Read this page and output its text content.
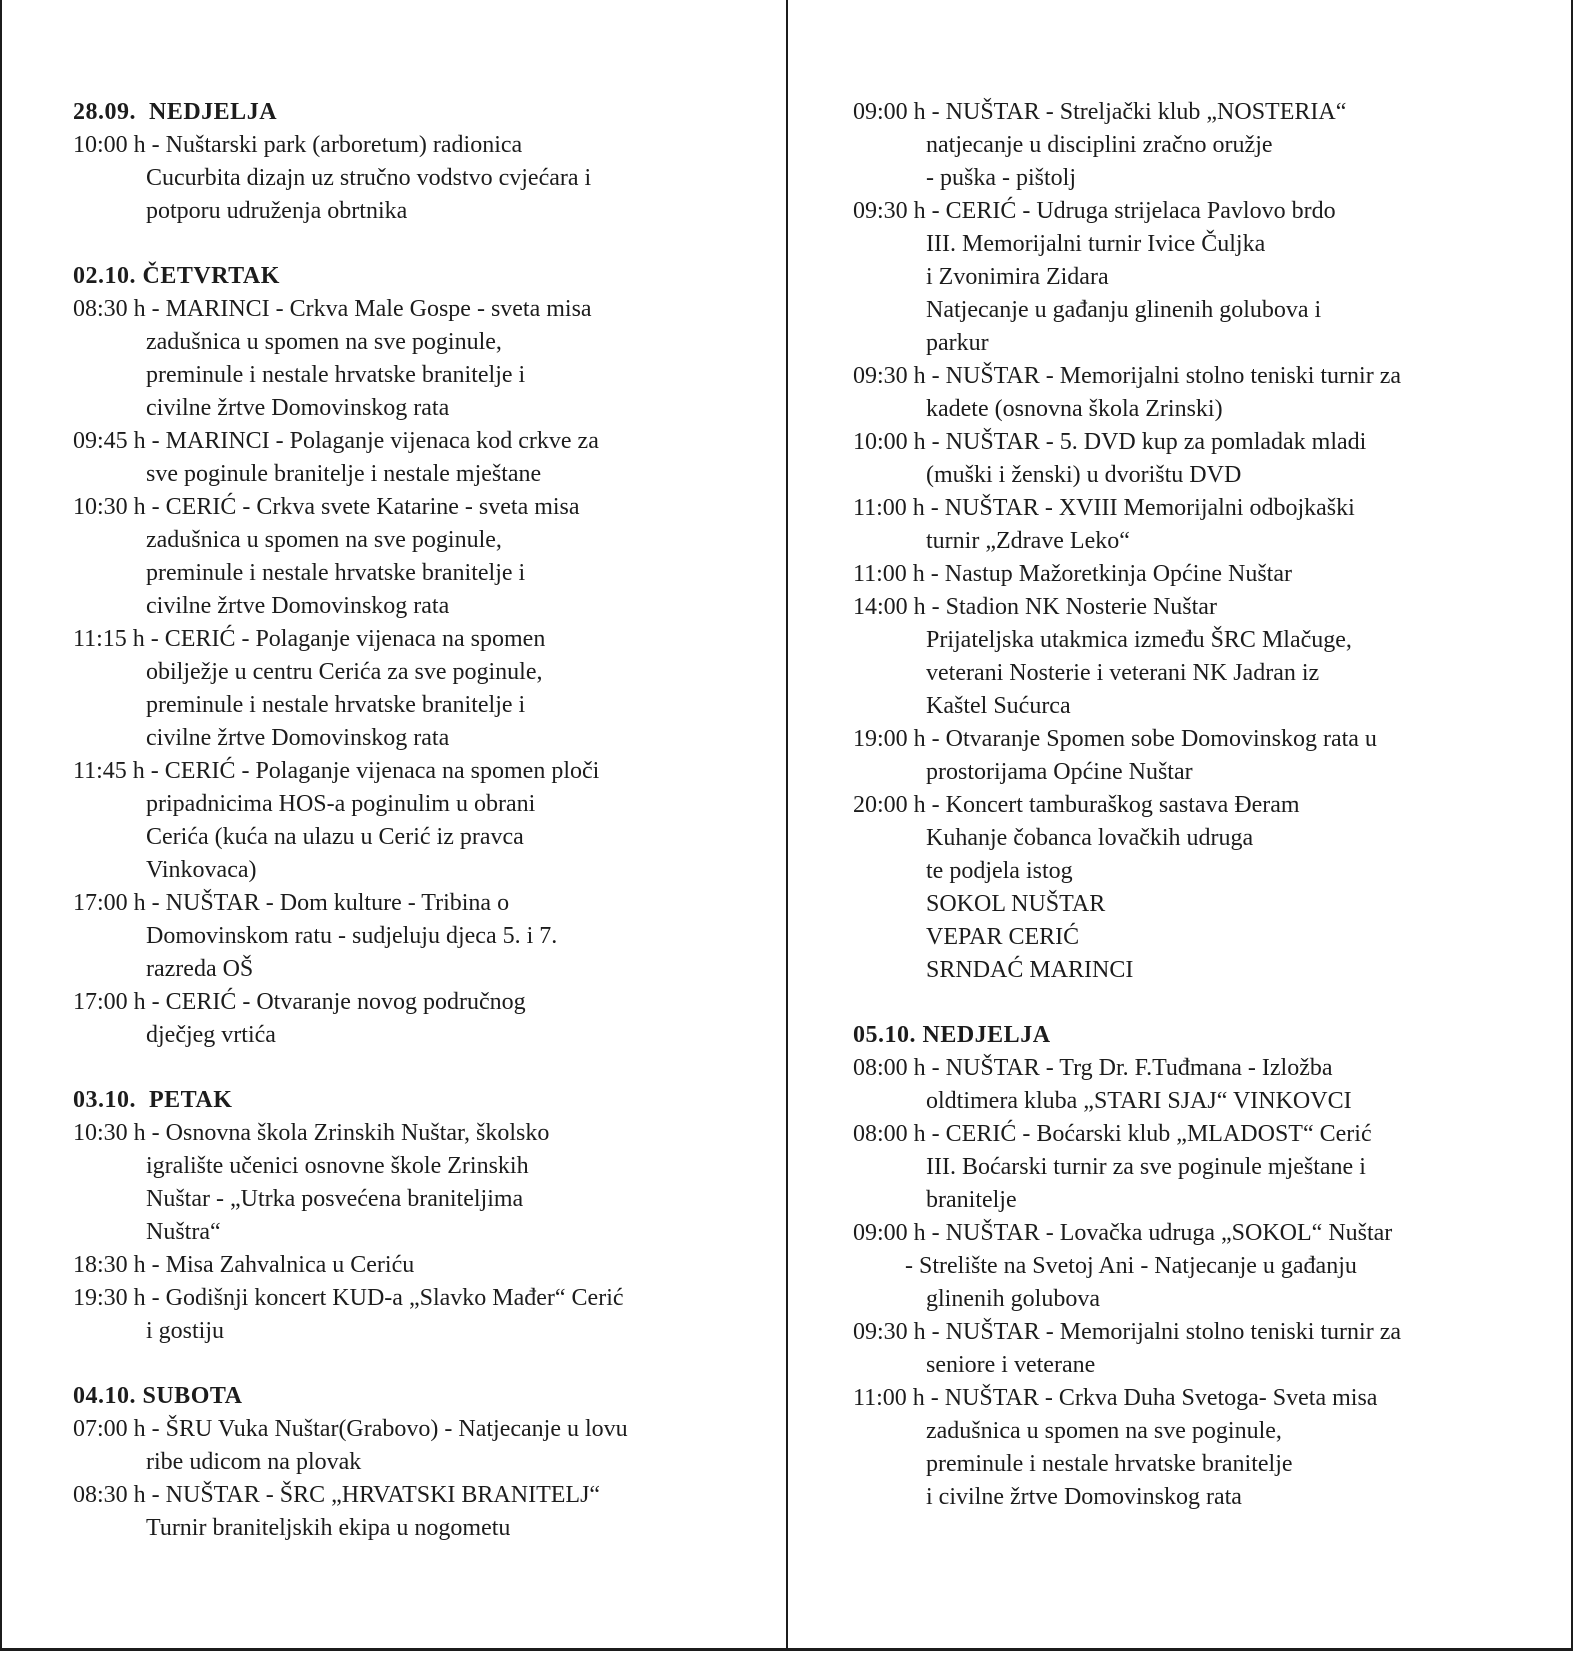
28.09.  NEDJELJA
10:00 h - Nuštarski park (arboretum) radionica
Cucurbita dizajn uz stručno vodstvo cvjećara i
potporu udruženja obrtnika
02.10. ČETVRTAK
08:30 h - MARINCI - Crkva Male Gospe - sveta misa
zadušnica u spomen na sve poginule,
preminule i nestale hrvatske branitelje i
civilne žrtve Domovinskog rata
09:45 h - MARINCI - Polaganje vijenaca kod crkve za
sve poginule branitelje i nestale mještane
10:30 h - CERIĆ - Crkva svete Katarine - sveta misa
zadušnica u spomen na sve poginule,
preminule i nestale hrvatske branitelje i
civilne žrtve Domovinskog rata
11:15 h - CERIĆ - Polaganje vijenaca na spomen
obilježje u centru Cerića za sve poginule,
preminule i nestale hrvatske branitelje i
civilne žrtve Domovinskog rata
11:45 h - CERIĆ - Polaganje vijenaca na spomen ploči
pripadnicima HOS-a poginulim u obrani
Cerića (kuća na ulazu u Cerić iz pravca
Vinkovaca)
17:00 h - NUŠTAR - Dom kulture - Tribina o
Domovinskom ratu - sudjeluju djeca 5. i 7.
razreda OŠ
17:00 h - CERIĆ - Otvaranje novog područnog
dječjeg vrtića
03.10.  PETAK
10:30 h - Osnovna škola Zrinskih Nuštar, školsko
igralište učenici osnovne škole Zrinskih
Nuštar - „Utrka posvećena braniteljima
Nuštra“
18:30 h - Misa Zahvalnica u Ceriću
19:30 h - Godišnji koncert KUD-a „Slavko Mađer“ Cerić
i gostiju
04.10. SUBOTA
07:00 h - ŠRU Vuka Nuštar(Grabovo) - Natjecanje u lovu
ribe udicom na plovak
08:30 h - NUŠTAR - ŠRC „HRVATSKI BRANITELJ“
Turnir braniteljskih ekipa u nogometu
09:00 h - NUŠTAR - Streljački klub „NOSTERIA“
natjecanje u disciplini zračno oružje
- puška - pištolj
09:30 h - CERIĆ - Udruga strijelaca Pavlovo brdo
III. Memorijalni turnir Ivice Čuljka
i Zvonimira Zidara
Natjecanje u gađanju glinenih golubova i
parkur
09:30 h - NUŠTAR - Memorijalni stolno teniski turnir za
kadete (osnovna škola Zrinski)
10:00 h - NUŠTAR - 5. DVD kup za pomladak mladi
(muški i ženski) u dvorištu DVD
11:00 h - NUŠTAR - XVIII Memorijalni odbojkaški
turnir „Zdrave Leko“
11:00 h - Nastup Mažoretkinja Općine Nuštar
14:00 h - Stadion NK Nosterie Nuštar
Prijateljska utakmica između ŠRC Mlačuge,
veterani Nosterie i veterani NK Jadran iz
Kaštel Sućurca
19:00 h - Otvaranje Spomen sobe Domovinskog rata u
prostorijama Općine Nuštar
20:00 h - Koncert tamburaškog sastava Đeram
Kuhanje čobanca lovačkih udruga
te podjela istog
SOKOL NUŠTAR
VEPAR CERIĆ
SRNDAĆ MARINCI
05.10. NEDJELJA
08:00 h - NUŠTAR - Trg Dr. F.Tuđmana - Izložba
oldtimera kluba „STARI SJAJ“ VINKOVCI
08:00 h - CERIĆ - Boćarski klub „MLADOST“ Cerić
III. Boćarski turnir za sve poginule mještane i
branitelje
09:00 h - NUŠTAR - Lovačka udruga „SOKOL“ Nuštar
- Strelište na Svetoj Ani - Natjecanje u gađanju
glinenih golubova
09:30 h - NUŠTAR - Memorijalni stolno teniski turnir za
seniore i veterane
11:00 h - NUŠTAR - Crkva Duha Svetoga- Sveta misa
zadušnica u spomen na sve poginule,
preminule i nestale hrvatske branitelje
i civilne žrtve Domovinskog rata
